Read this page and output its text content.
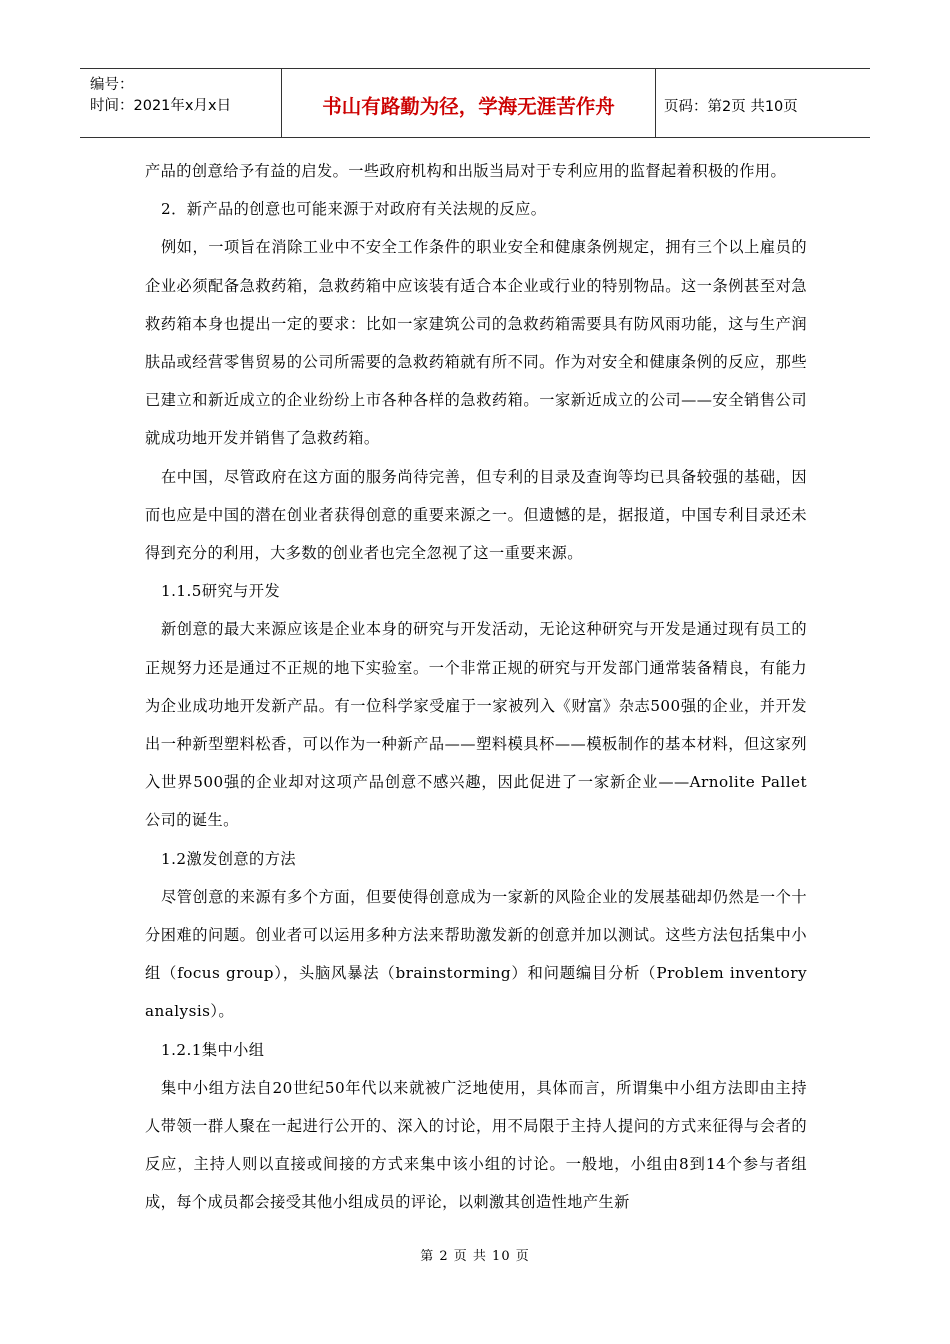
编号：
时间：2021年x月x日	书山有路勤为径，学海无涯苦作舟	页码：第2页 共10页

产品的创意给予有益的启发。一些政府机构和出版当局对于专利应用的监督起着积极的作用。

2．新产品的创意也可能来源于对政府有关法规的反应。

例如，一项旨在消除工业中不安全工作条件的职业安全和健康条例规定，拥有三个以上雇员的企业必须配备急救药箱，急救药箱中应该装有适合本企业或行业的特别物品。这一条例甚至对急救药箱本身也提出一定的要求：比如一家建筑公司的急救药箱需要具有防风雨功能，这与生产润肤品或经营零售贸易的公司所需要的急救药箱就有所不同。作为对安全和健康条例的反应，那些已建立和新近成立的企业纷纷上市各种各样的急救药箱。一家新近成立的公司——安全销售公司就成功地开发并销售了急救药箱。

在中国，尽管政府在这方面的服务尚待完善，但专利的目录及查询等均已具备较强的基础，因而也应是中国的潜在创业者获得创意的重要来源之一。但遗憾的是，据报道，中国专利目录还未得到充分的利用，大多数的创业者也完全忽视了这一重要来源。

1.1.5研究与开发

新创意的最大来源应该是企业本身的研究与开发活动，无论这种研究与开发是通过现有员工的正规努力还是通过不正规的地下实验室。一个非常正规的研究与开发部门通常装备精良，有能力为企业成功地开发新产品。有一位科学家受雇于一家被列入《财富》杂志500强的企业，并开发出一种新型塑料松香，可以作为一种新产品——塑料模具杯——模板制作的基本材料，但这家列入世界500强的企业却对这项产品创意不感兴趣，因此促进了一家新企业——Arnolite Pallet公司的诞生。

1.2激发创意的方法

尽管创意的来源有多个方面，但要使得创意成为一家新的风险企业的发展基础却仍然是一个十分困难的问题。创业者可以运用多种方法来帮助激发新的创意并加以测试。这些方法包括集中小组（focus group），头脑风暴法（brainstorming）和问题编目分析（Problem inventory analysis）。

1.2.1集中小组

集中小组方法自20世纪50年代以来就被广泛地使用，具体而言，所谓集中小组方法即由主持人带领一群人聚在一起进行公开的、深入的讨论，用不局限于主持人提问的方式来征得与会者的反应，主持人则以直接或间接的方式来集中该小组的讨论。一般地，小组由8到14个参与者组成，每个成员都会接受其他小组成员的评论，以刺激其创造性地产生新

第 2 页 共 10 页
